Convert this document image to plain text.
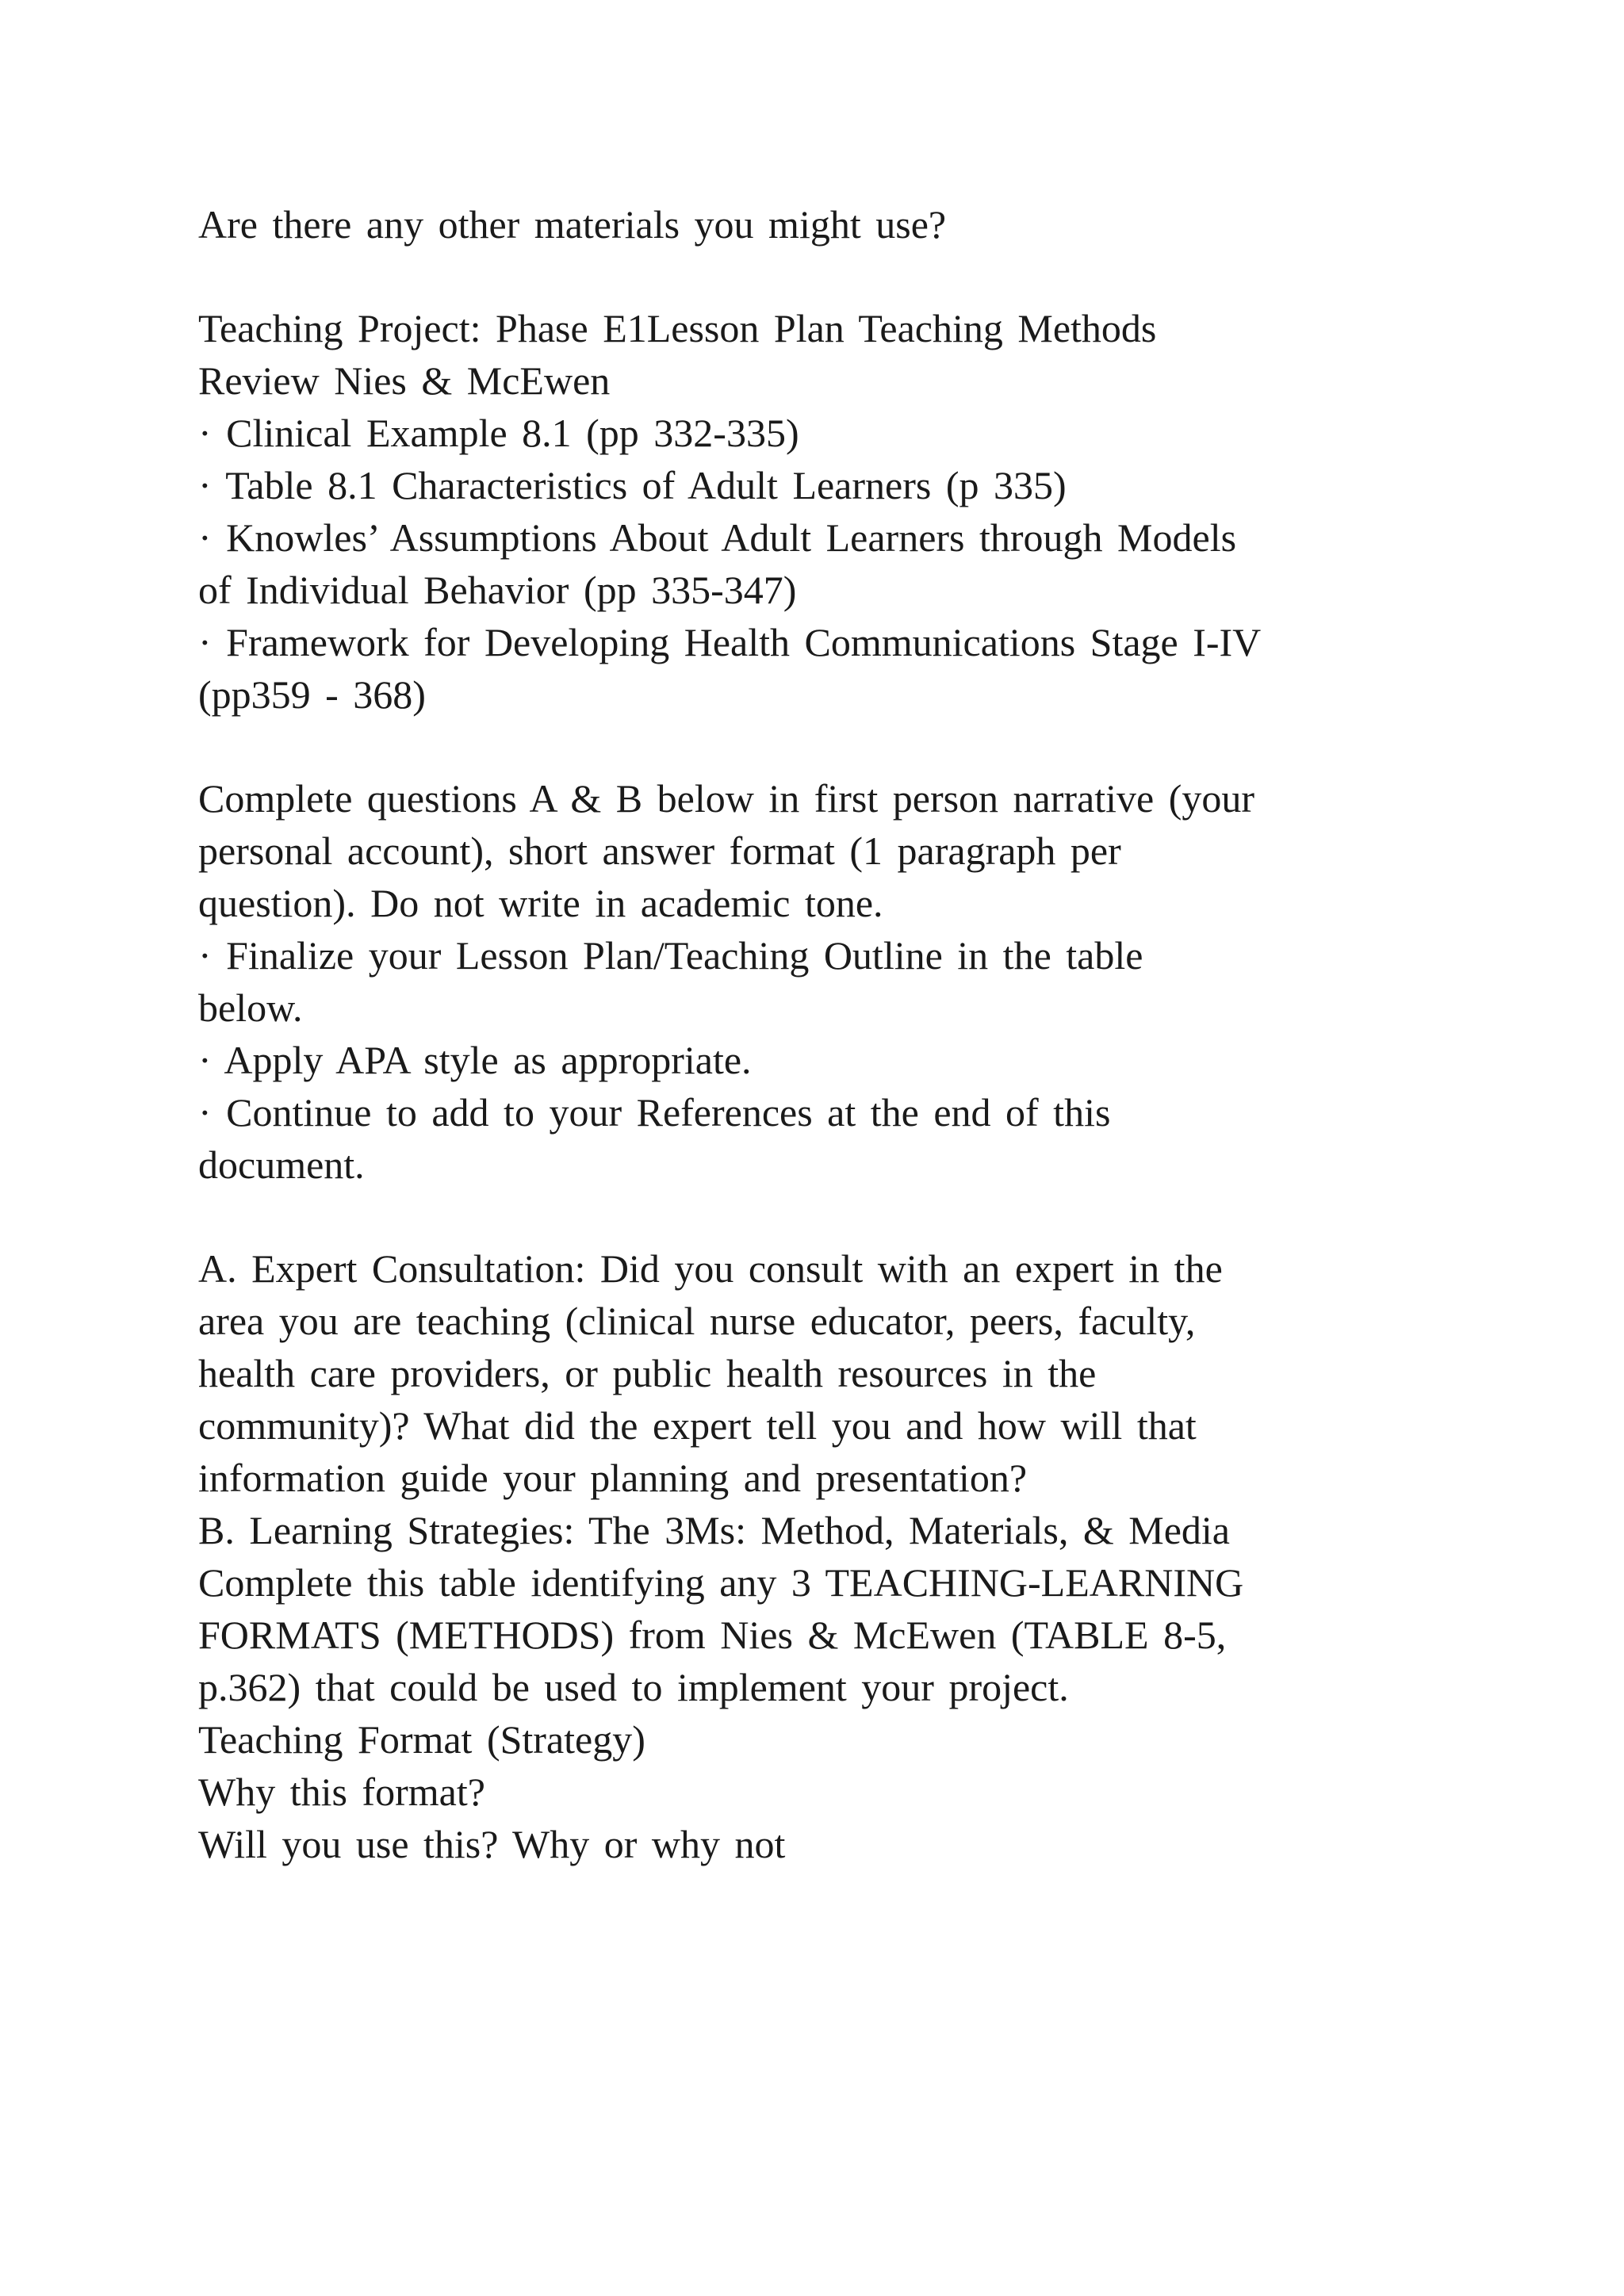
Are there any other materials you might use?
Teaching Project: Phase E1Lesson Plan Teaching Methods
Review Nies & McEwen
· Clinical Example 8.1 (pp 332-335)
· Table 8.1 Characteristics of Adult Learners (p 335)
· Knowles’ Assumptions About Adult Learners through Models
of Individual Behavior (pp 335-347)
· Framework for Developing Health Communications Stage I-IV
(pp359 - 368)
Complete questions A & B below in first person narrative (your
personal account), short answer format (1 paragraph per
question). Do not write in academic tone.
· Finalize your Lesson Plan/Teaching Outline in the table
below.
· Apply APA style as appropriate.
· Continue to add to your References at the end of this
document.
A. Expert Consultation: Did you consult with an expert in the
area you are teaching (clinical nurse educator, peers, faculty,
health care providers, or public health resources in the
community)? What did the expert tell you and how will that
information guide your planning and presentation?
B. Learning Strategies: The 3Ms: Method, Materials, & Media
Complete this table identifying any 3 TEACHING-LEARNING
FORMATS (METHODS) from Nies & McEwen (TABLE 8-5,
p.362) that could be used to implement your project.
Teaching Format (Strategy)
Why this format?
Will you use this? Why or why not
